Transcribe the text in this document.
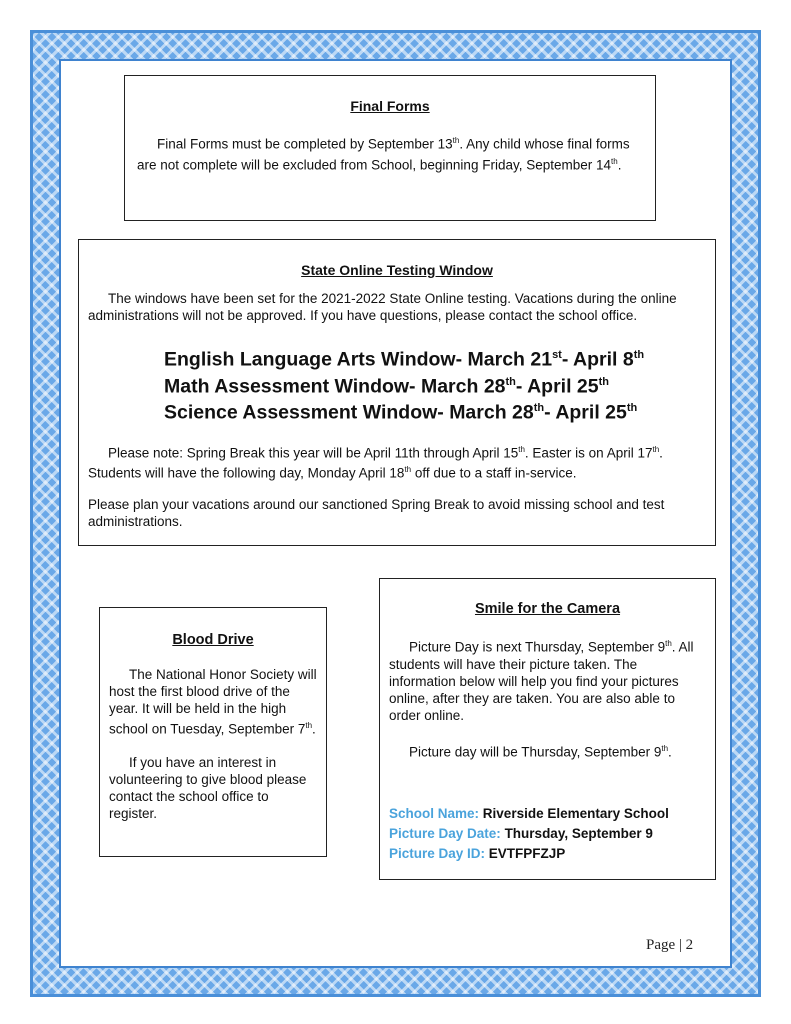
Final Forms

Final Forms must be completed by September 13th. Any child whose final forms are not complete will be excluded from School, beginning Friday, September 14th.

State Online Testing Window

The windows have been set for the 2021-2022 State Online testing. Vacations during the online administrations will not be approved. If you have questions, please contact the school office.

English Language Arts Window- March 21st- April 8th
Math Assessment Window- March 28th- April 25th
Science Assessment Window- March 28th- April 25th

Please note: Spring Break this year will be April 11th through April 15th. Easter is on April 17th. Students will have the following day, Monday April 18th off due to a staff in-service.

Please plan your vacations around our sanctioned Spring Break to avoid missing school and test administrations.

Blood Drive

The National Honor Society will host the first blood drive of the year. It will be held in the high school on Tuesday, September 7th.

If you have an interest in volunteering to give blood please contact the school office to register.

Smile for the Camera

Picture Day is next Thursday, September 9th. All students will have their picture taken. The information below will help you find your pictures online, after they are taken. You are also able to order online.

Picture day will be Thursday, September 9th.

School Name: Riverside Elementary School
Picture Day Date: Thursday, September 9
Picture Day ID: EVTFPFZJP
Page | 2
